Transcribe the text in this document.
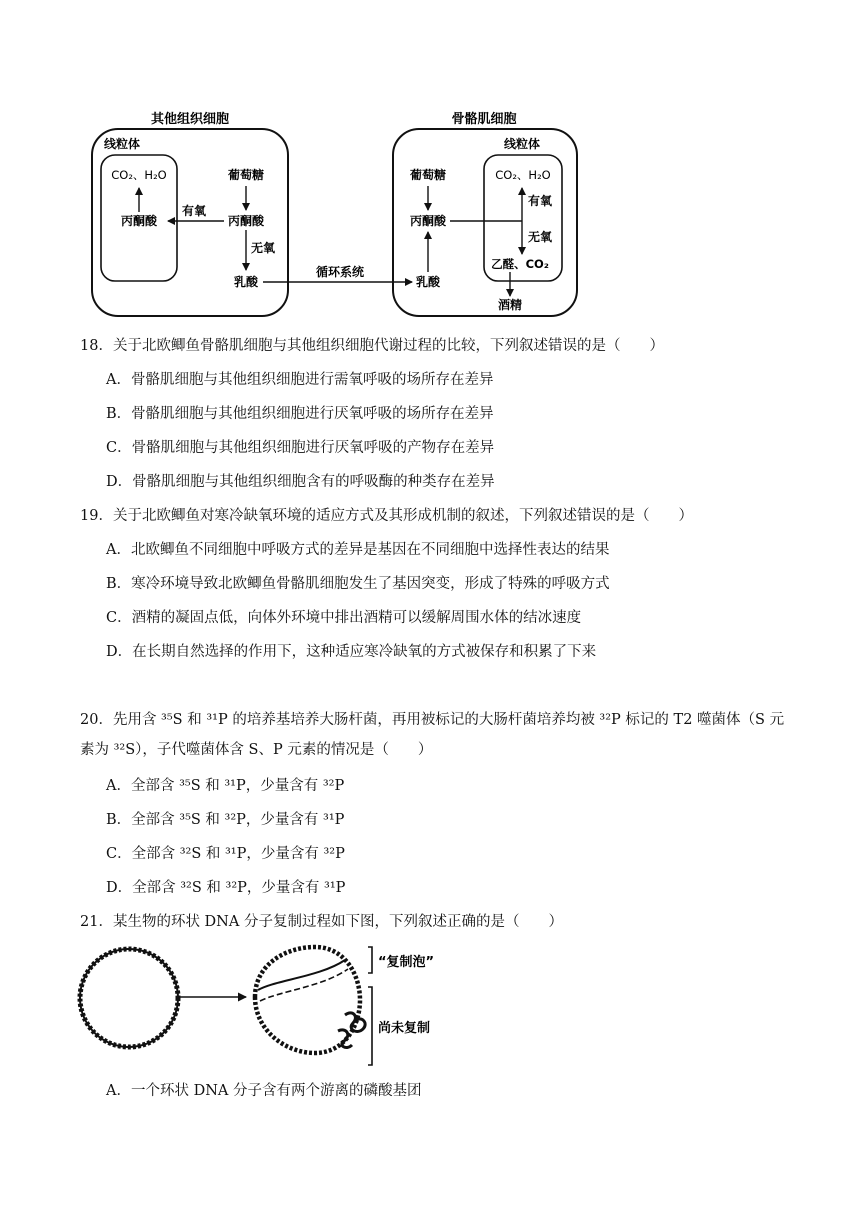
其他组织细胞
线粒体
CO₂、H₂O
丙酮酸
有氧
葡萄糖
丙酮酸
无氧
乳酸
循环系统
骨骼肌细胞
葡萄糖
丙酮酸
乳酸
线粒体
CO₂、H₂O
有氧
无氧
乙醛、CO₂
酒精
18．关于北欧鲫鱼骨骼肌细胞与其他组织细胞代谢过程的比较，下列叙述错误的是（　　）
A．骨骼肌细胞与其他组织细胞进行需氧呼吸的场所存在差异
B．骨骼肌细胞与其他组织细胞进行厌氧呼吸的场所存在差异
C．骨骼肌细胞与其他组织细胞进行厌氧呼吸的产物存在差异
D．骨骼肌细胞与其他组织细胞含有的呼吸酶的种类存在差异
19．关于北欧鲫鱼对寒冷缺氧环境的适应方式及其形成机制的叙述，下列叙述错误的是（　　）
A．北欧鲫鱼不同细胞中呼吸方式的差异是基因在不同细胞中选择性表达的结果
B．寒冷环境导致北欧鲫鱼骨骼肌细胞发生了基因突变，形成了特殊的呼吸方式
C．酒精的凝固点低，向体外环境中排出酒精可以缓解周围水体的结冰速度
D．在长期自然选择的作用下，这种适应寒冷缺氧的方式被保存和积累了下来
20．先用含 ³⁵S 和 ³¹P 的培养基培养大肠杆菌，再用被标记的大肠杆菌培养均被 ³²P 标记的 T2 噬菌体（S 元
素为 ³²S），子代噬菌体含 S、P 元素的情况是（　　）
A．全部含 ³⁵S 和 ³¹P，少量含有 ³²P
B．全部含 ³⁵S 和 ³²P，少量含有 ³¹P
C．全部含 ³²S 和 ³¹P，少量含有 ³²P
D．全部含 ³²S 和 ³²P，少量含有 ³¹P
21．某生物的环状 DNA 分子复制过程如下图，下列叙述正确的是（　　）
“复制泡”
尚未复制
A．一个环状 DNA 分子含有两个游离的磷酸基团
